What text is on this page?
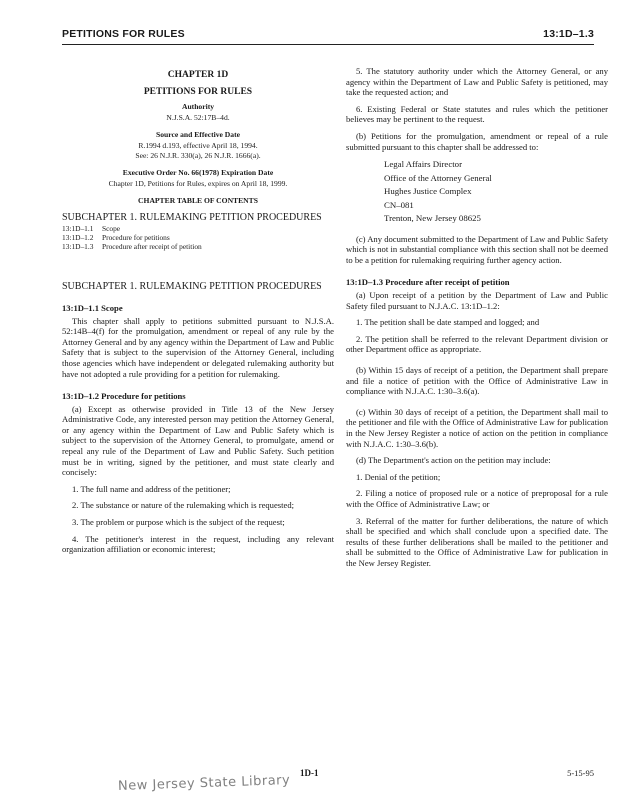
PETITIONS FOR RULES	13:1D–1.3
CHAPTER 1D
PETITIONS FOR RULES

Authority

N.J.S.A. 52:17B–4d.

Source and Effective Date

R.1994 d.193, effective April 18, 1994.

See: 26 N.J.R. 330(a), 26 N.J.R. 1666(a).

Executive Order No. 66(1978) Expiration Date

Chapter 1D, Petitions for Rules, expires on April 18, 1999.

CHAPTER TABLE OF CONTENTS

SUBCHAPTER 1. RULEMAKING PETITION PROCEDURES

13:1D–1.1	Scope
13:1D–1.2	Procedure for petitions
13:1D–1.3	Procedure after receipt of petition

SUBCHAPTER 1. RULEMAKING PETITION PROCEDURES

13:1D–1.1 Scope

This chapter shall apply to petitions submitted pursuant to N.J.S.A. 52:14B–4(f) for the promulgation, amendment or repeal of any rule by the Attorney General and by any agency within the Department of Law and Public Safety that is subject to the supervision of the Attorney General, including those agencies which have independent or delegated rulemaking authority but have not adopted a rule providing for a petition for rulemaking.

13:1D–1.2 Procedure for petitions

(a) Except as otherwise provided in Title 13 of the New Jersey Administrative Code, any interested person may petition the Attorney General, or any agency within the Department of Law and Public Safety which is subject to the supervision of the Attorney General, to promulgate, amend or repeal any rule of the Department of Law and Public Safety. Such petition must be in writing, signed by the petitioner, and must state clearly and concisely:

1. The full name and address of the petitioner;

2. The substance or nature of the rulemaking which is requested;

3. The problem or purpose which is the subject of the request;

4. The petitioner's interest in the request, including any relevant organization affiliation or economic interest;

5. The statutory authority under which the Attorney General, or any agency within the Department of Law and Public Safety is petitioned, may take the requested action; and

6. Existing Federal or State statutes and rules which the petitioner believes may be pertinent to the request.

(b) Petitions for the promulgation, amendment or repeal of a rule submitted pursuant to this chapter shall be addressed to:

Legal Affairs Director
Office of the Attorney General
Hughes Justice Complex
CN–081
Trenton, New Jersey 08625

(c) Any document submitted to the Department of Law and Public Safety which is not in substantial compliance with this section shall not be deemed to be a petition for rulemaking requiring further agency action.

13:1D–1.3 Procedure after receipt of petition

(a) Upon receipt of a petition by the Department of Law and Public Safety filed pursuant to N.J.A.C. 13:1D–1.2:

1. The petition shall be date stamped and logged; and

2. The petition shall be referred to the relevant Department division or other Department office as appropriate.

(b) Within 15 days of receipt of a petition, the Department shall prepare and file a notice of petition with the Office of Administrative Law in compliance with N.J.A.C. 1:30–3.6(a).

(c) Within 30 days of receipt of a petition, the Department shall mail to the petitioner and file with the Office of Administrative Law for publication in the New Jersey Register a notice of action on the petition in compliance with N.J.A.C. 1:30–3.6(b).

(d) The Department's action on the petition may include:

1. Denial of the petition;

2. Filing a notice of proposed rule or a notice of preproposal for a rule with the Office of Administrative Law; or

3. Referral of the matter for further deliberations, the nature of which shall be specified and which shall conclude upon a specified date. The results of these further deliberations shall be mailed to the petitioner and shall be submitted to the Office of Administrative Law for publication in the New Jersey Register.

1D-1	5-15-95
New Jersey State Library
